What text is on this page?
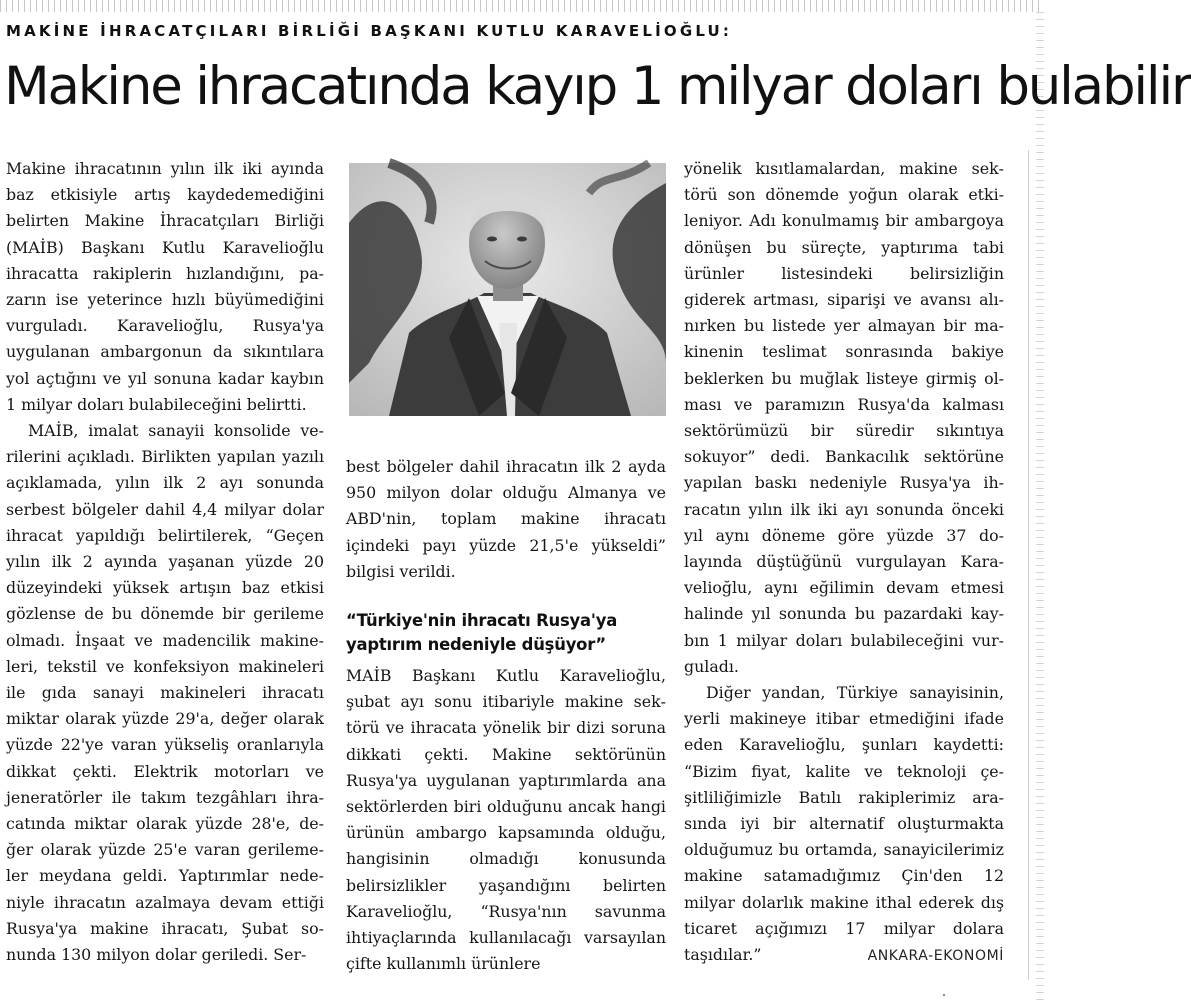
MAKİNE İHRACATÇILARI BİRLİĞİ BAŞKANI KUTLU KARAVELİOĞLU:
Makine ihracatında kayıp 1 milyar doları bulabilir

Makine ihracatının yılın ilk iki ayında baz etkisiyle artış kaydedemediğini belirten Makine İhracatçıları Birliği (MAİB) Başkanı Kutlu Karavelioğlu ihracatta rakiplerin hızlandığını, pazarın ise yeterince hızlı büyümediğini vurguladı. Karavelioğlu, Rusya'ya uygulanan ambargonun da sıkıntılara yol açtığını ve yıl sonuna kadar kaybın 1 milyar doları bulabileceğini belirtti.

MAİB, imalat sanayii konsolide verilerini açıkladı. Birlikten yapılan yazılı açıklamada, yılın ilk 2 ayı sonunda serbest bölgeler dahil 4,4 milyar dolar ihracat yapıldığı belirtilerek, “Geçen yılın ilk 2 ayında yaşanan yüzde 20 düzeyindeki yüksek artışın baz etkisi gözlense de bu dönemde bir gerileme olmadı. İnşaat ve madencilik makineleri, tekstil ve konfeksiyon makineleri ile gıda sanayi makineleri ihracatı miktar olarak yüzde 29'a, değer olarak yüzde 22'ye varan yükseliş oranlarıyla dikkat çekti. Elektrik motorları ve jeneratörler ile takım tezgâhları ihracatında miktar olarak yüzde 28'e, değer olarak yüzde 25'e varan gerilemeler meydana geldi. Yaptırımlar nedeniyle ihracatın azalmaya devam ettiği Rusya'ya makine ihracatı, Şubat sonunda 130 milyon dolar geriledi. Ser-

best bölgeler dahil ihracatın ilk 2 ayda 950 milyon dolar olduğu Almanya ve ABD'nin, toplam makine ihracatı içindeki payı yüzde 21,5'e yükseldi” bilgisi verildi.

“Türkiye'nin ihracatı Rusya'ya yaptırım nedeniyle düşüyor”

MAİB Başkanı Kutlu Karavelioğlu, şubat ayı sonu itibariyle makine sektörü ve ihracata yönelik bir dizi soruna dikkati çekti. Makine sektörünün Rusya'ya uygulanan yaptırımlarda ana sektörlerden biri olduğunu ancak hangi ürünün ambargo kapsamında olduğu, hangisinin olmadığı konusunda belirsizlikler yaşandığını belirten Karavelioğlu, “Rusya'nın savunma ihtiyaçlarında kullanılacağı varsayılan çifte kullanımlı ürünlere

yönelik kısıtlamalardan, makine sektörü son dönemde yoğun olarak etkileniyor. Adı konulmamış bir ambargoya dönüşen bu süreçte, yaptırıma tabi ürünler listesindeki belirsizliğin giderek artması, siparişi ve avansı alınırken bu listede yer almayan bir makinenin teslimat sonrasında bakiye beklerken bu muğlak listeye girmiş olması ve paramızın Rusya'da kalması sektörümüzü bir süredir sıkıntıya sokuyor” dedi. Bankacılık sektörüne yapılan baskı nedeniyle Rusya'ya ihracatın yılın ilk iki ayı sonunda önceki yıl aynı döneme göre yüzde 37 dolayında düştüğünü vurgulayan Karavelioğlu, aynı eğilimin devam etmesi halinde yıl sonunda bu pazardaki kaybın 1 milyar doları bulabileceğini vurguladı.

Diğer yandan, Türkiye sanayisinin, yerli makineye itibar etmediğini ifade eden Karavelioğlu, şunları kaydetti: “Bizim fiyat, kalite ve teknoloji çeşitliliğimizle Batılı rakiplerimiz arasında iyi bir alternatif oluşturmakta olduğumuz bu ortamda, sanayicilerimiz makine satamadığımız Çin'den 12 milyar dolarlık makine ithal ederek dış ticaret açığımızı 17 milyar dolara taşıdılar.”	ANKARA-EKONOMİ
